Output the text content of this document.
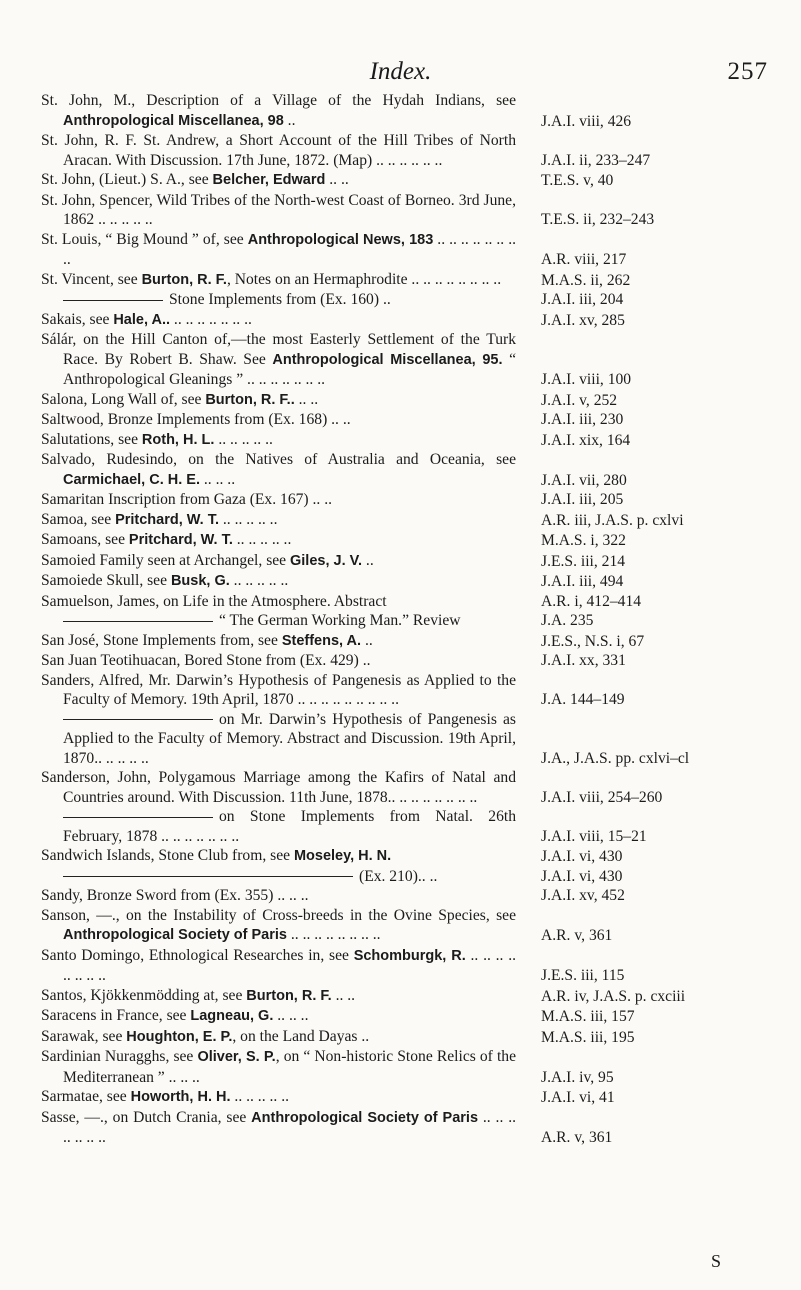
Index.	257
St. John, M., Description of a Village of the Hydah Indians, see Anthropological Miscellanea, 98 ..	J.A.I. viii, 426
St. John, R. F. St. Andrew, a Short Account of the Hill Tribes of North Aracan. With Discussion. 17th June, 1872. (Map) .. .. .. .. .. ..	J.A.I. ii, 233–247
St. John, (Lieut.) S. A., see Belcher, Edward .. ..	T.E.S. v, 40
St. John, Spencer, Wild Tribes of the North-west Coast of Borneo. 3rd June, 1862 .. .. .. .. ..	T.E.S. ii, 232–243
St. Louis, “ Big Mound ” of, see Anthropological News, 183 .. .. .. .. .. .. .. ..	A.R. viii, 217
St. Vincent, see Burton, R. F., Notes on an Hermaphrodite .. .. .. .. .. .. .. ..	M.A.S. ii, 262
Stone Implements from (Ex. 160) ..	J.A.I. iii, 204
Sakais, see Hale, A.. .. .. .. .. .. .. ..	J.A.I. xv, 285
Sálár, on the Hill Canton of,—the most Easterly Settlement of the Turk Race. By Robert B. Shaw. See Anthropological Miscellanea, 95. “ Anthropological Gleanings ” .. .. .. .. .. .. ..	J.A.I. viii, 100
Salona, Long Wall of, see Burton, R. F.. .. ..	J.A.I. v, 252
Saltwood, Bronze Implements from (Ex. 168) .. ..	J.A.I. iii, 230
Salutations, see Roth, H. L. .. .. .. .. ..	J.A.I. xix, 164
Salvado, Rudesindo, on the Natives of Australia and Oceania, see Carmichael, C. H. E. .. .. ..	J.A.I. vii, 280
Samaritan Inscription from Gaza (Ex. 167) .. ..	J.A.I. iii, 205
Samoa, see Pritchard, W. T. .. .. .. .. ..	A.R. iii, J.A.S. p. cxlvi
Samoans, see Pritchard, W. T. .. .. .. .. ..	M.A.S. i, 322
Samoied Family seen at Archangel, see Giles, J. V. ..	J.E.S. iii, 214
Samoiede Skull, see Busk, G. .. .. .. .. ..	J.A.I. iii, 494
Samuelson, James, on Life in the Atmosphere. Abstract	A.R. i, 412–414
“ The German Working Man.” Review	J.A. 235
San José, Stone Implements from, see Steffens, A. ..	J.E.S., N.S. i, 67
San Juan Teotihuacan, Bored Stone from (Ex. 429) ..	J.A.I. xx, 331
Sanders, Alfred, Mr. Darwin’s Hypothesis of Pangenesis as Applied to the Faculty of Memory. 19th April, 1870 .. .. .. .. .. .. .. .. ..	J.A. 144–149
on Mr. Darwin’s Hypothesis of Pangenesis as Applied to the Faculty of Memory. Abstract and Discussion. 19th April, 1870.. .. .. .. ..	J.A., J.A.S. pp. cxlvi–cl
Sanderson, John, Polygamous Marriage among the Kafirs of Natal and Countries around. With Discussion. 11th June, 1878.. .. .. .. .. .. .. ..	J.A.I. viii, 254–260
on Stone Implements from Natal. 26th February, 1878 .. .. .. .. .. .. ..	J.A.I. viii, 15–21
Sandwich Islands, Stone Club from, see Moseley, H. N.	J.A.I. vi, 430
(Ex. 210).. ..	J.A.I. vi, 430
Sandy, Bronze Sword from (Ex. 355) .. .. ..	J.A.I. xv, 452
Sanson, —., on the Instability of Cross-breeds in the Ovine Species, see Anthropological Society of Paris .. .. .. .. .. .. .. ..	A.R. v, 361
Santo Domingo, Ethnological Researches in, see Schomburgk, R. .. .. .. .. .. .. .. ..	J.E.S. iii, 115
Santos, Kjökkenmödding at, see Burton, R. F. .. ..	A.R. iv, J.A.S. p. cxciii
Saracens in France, see Lagneau, G. .. .. ..	M.A.S. iii, 157
Sarawak, see Houghton, E. P., on the Land Dayas ..	M.A.S. iii, 195
Sardinian Nuragghs, see Oliver, S. P., on “ Non-historic Stone Relics of the Mediterranean ” .. .. ..	J.A.I. iv, 95
Sarmatae, see Howorth, H. H. .. .. .. .. ..	J.A.I. vi, 41
Sasse, —., on Dutch Crania, see Anthropological Society of Paris .. .. .. .. .. .. ..	A.R. v, 361
S
